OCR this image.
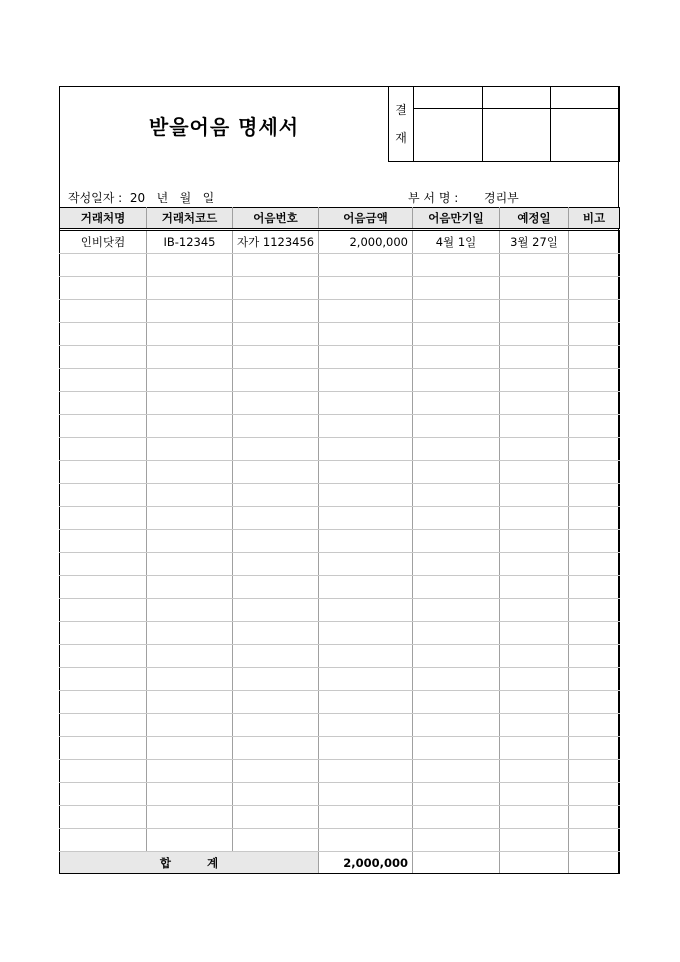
받을어음 명세서
결
재			

작성일자 :  20   년   월   일	부 서 명 : 경리부
거래처명	거래처코드	어음번호	어음금액	어음만기일	예정일	비고
인비닷컴	IB-12345	자가 1123456	2,000,000	4월 1일	3월 27일	

합         계			2,000,000			
